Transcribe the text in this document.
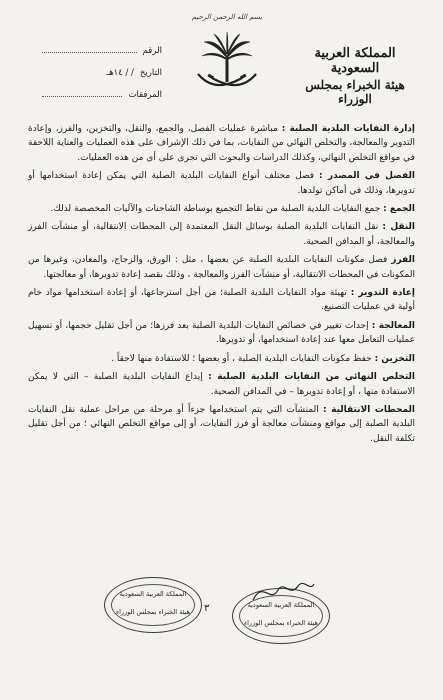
الرقم
التاريخ
/ / ١٤هـ
المرفقات
بسم الله الرحمن الرحيم
المملكة العربية السعودية
هيئة الخبراء بمجلس الوزراء

إدارة النفايات البلدية الصلبة : مباشرة عمليات الفصل، والجمع، والنقل، والتخزين، والفرز، وإعادة التدوير والمعالجة، والتخلص النهائي من النفايات، بما في ذلك الإشراف على هذه العمليات والعناية اللاحقة في مواقع التخلص النهائي، وكذلك الدراسات والبحوث التي تجرى على أي من هذه العمليات.

الفصل في المصدر : فصل مختلف أنواع النفايات البلدية الصلبة التي يمكن إعادة استخدامها أو تدويرها، وذلك في أماكن تولدها.

الجمع : جمع النفايات البلدية الصلبة من نقاط التجميع بوساطة الشاحنات والآليات المخصصة لذلك.

النقل : نقل النفايات البلدية الصلبة بوسائل النقل المعتمدة إلى المحطات الانتقالية، أو منشآت الفرز والمعالجة، أو المدافن الصحية.

الفرز فصل مكونات النفايات البلدية الصلبة عن بعضها ، مثل : الورق، والزجاج، والمعادن، وغيرها من المكونات في المحطات الانتقالية، أو منشآت الفرز والمعالجة ، وذلك بقصد إعادة تدويرها، أو معالجتها.

إعادة التدوير : تهيئة مواد النفايات البلدية الصلبة؛ من أجل استرجاعها، أو إعادة استخدامها مواد خام أولية في عمليات التصنيع.

المعالجة : إحداث تغيير في خصائص النفايات البلدية الصلبة بعد فرزها؛ من أجل تقليل حجمها، أو تسهيل عمليات التعامل معها عند إعادة استخدامها، أو تدويرها.

التخزين : حفظ مكونات النفايات البلدية الصلبة ، أو بعضها ؛ للاستفادة منها لاحقاً .

التخلص النهائي من النفايات البلدية الصلبة : إيداع النفايات البلدية الصلبة – التي لا يمكن الاستفادة منها ، أو إعادة تدويرها – في المدافن الصحية.

المحطات الانتقالية : المنشآت التي يتم استخدامها جزءاً أو مرحلة من مراحل عملية نقل النفايات البلدية الصلبة إلى مواقع ومنشآت معالجة أو فرز النفايات، أو إلى مواقع التخلص النهائي ؛ من أجل تقليل تكلفة النقل.

المملكة العربية السعودية
هيئة الخبراء بمجلس الوزراء	٣	المملكة العربية السعودية
هيئة الخبراء بمجلس الوزراء
